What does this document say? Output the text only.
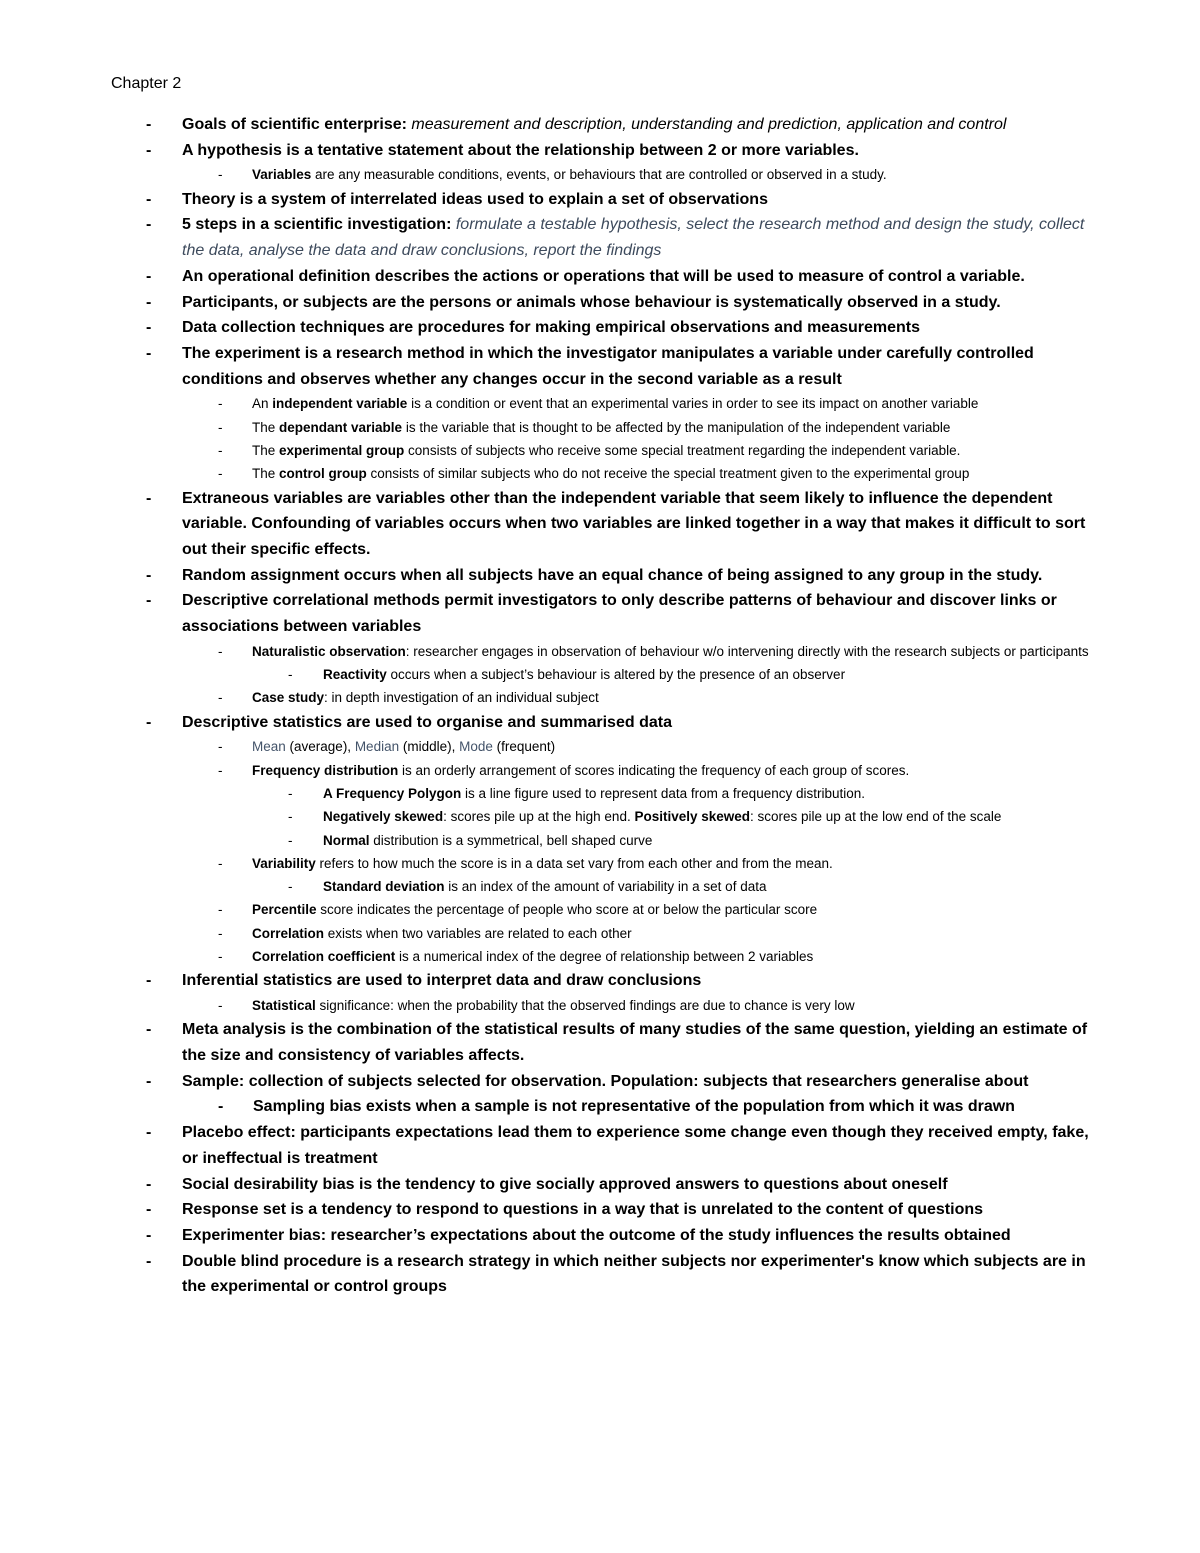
Chapter 2
- Goals of scientific enterprise: measurement and description, understanding and prediction, application and control
- A hypothesis is a tentative statement about the relationship between 2 or more variables.
- Variables are any measurable conditions, events, or behaviours that are controlled or observed in a study.
- Theory is a system of interrelated ideas used to explain a set of observations
- 5 steps in a scientific investigation: formulate a testable hypothesis, select the research method and design the study, collect the data, analyse the data and draw conclusions, report the findings
- An operational definition describes the actions or operations that will be used to measure of control a variable.
- Participants, or subjects are the persons or animals whose behaviour is systematically observed in a study.
- Data collection techniques are procedures for making empirical observations and measurements
- The experiment is a research method in which the investigator manipulates a variable under carefully controlled conditions and observes whether any changes occur in the second variable as a result
- An independent variable is a condition or event that an experimental varies in order to see its impact on another variable
- The dependant variable is the variable that is thought to be affected by the manipulation of the independent variable
- The experimental group consists of subjects who receive some special treatment regarding the independent variable.
- The control group consists of similar subjects who do not receive the special treatment given to the experimental group
- Extraneous variables are variables other than the independent variable that seem likely to influence the dependent variable. Confounding of variables occurs when two variables are linked together in a way that makes it difficult to sort out their specific effects.
- Random assignment occurs when all subjects have an equal chance of being assigned to any group in the study.
- Descriptive correlational methods permit investigators to only describe patterns of behaviour and discover links or associations between variables
- Naturalistic observation: researcher engages in observation of behaviour w/o intervening directly with the research subjects or participants
- Reactivity occurs when a subject’s behaviour is altered by the presence of an observer
- Case study: in depth investigation of an individual subject
- Descriptive statistics are used to organise and summarised data
- Mean (average), Median (middle), Mode (frequent)
- Frequency distribution is an orderly arrangement of scores indicating the frequency of each group of scores.
- A Frequency Polygon is a line figure used to represent data from a frequency distribution.
- Negatively skewed: scores pile up at the high end. Positively skewed: scores pile up at the low end of the scale
- Normal distribution is a symmetrical, bell shaped curve
- Variability refers to how much the score is in a data set vary from each other and from the mean.
- Standard deviation is an index of the amount of variability in a set of data
- Percentile score indicates the percentage of people who score at or below the particular score
- Correlation exists when two variables are related to each other
- Correlation coefficient is a numerical index of the degree of relationship between 2 variables
- Inferential statistics are used to interpret data and draw conclusions
- Statistical significance: when the probability that the observed findings are due to chance is very low
- Meta analysis is the combination of the statistical results of many studies of the same question, yielding an estimate of the size and consistency of variables affects.
- Sample: collection of subjects selected for observation. Population: subjects that researchers generalise about
- Sampling bias exists when a sample is not representative of the population from which it was drawn
- Placebo effect: participants expectations lead them to experience some change even though they received empty, fake, or ineffectual is treatment
- Social desirability bias is the tendency to give socially approved answers to questions about oneself
- Response set is a tendency to respond to questions in a way that is unrelated to the content of questions
- Experimenter bias: researcher’s expectations about the outcome of the study influences the results obtained
- Double blind procedure is a research strategy in which neither subjects nor experimenter's know which subjects are in the experimental or control groups
